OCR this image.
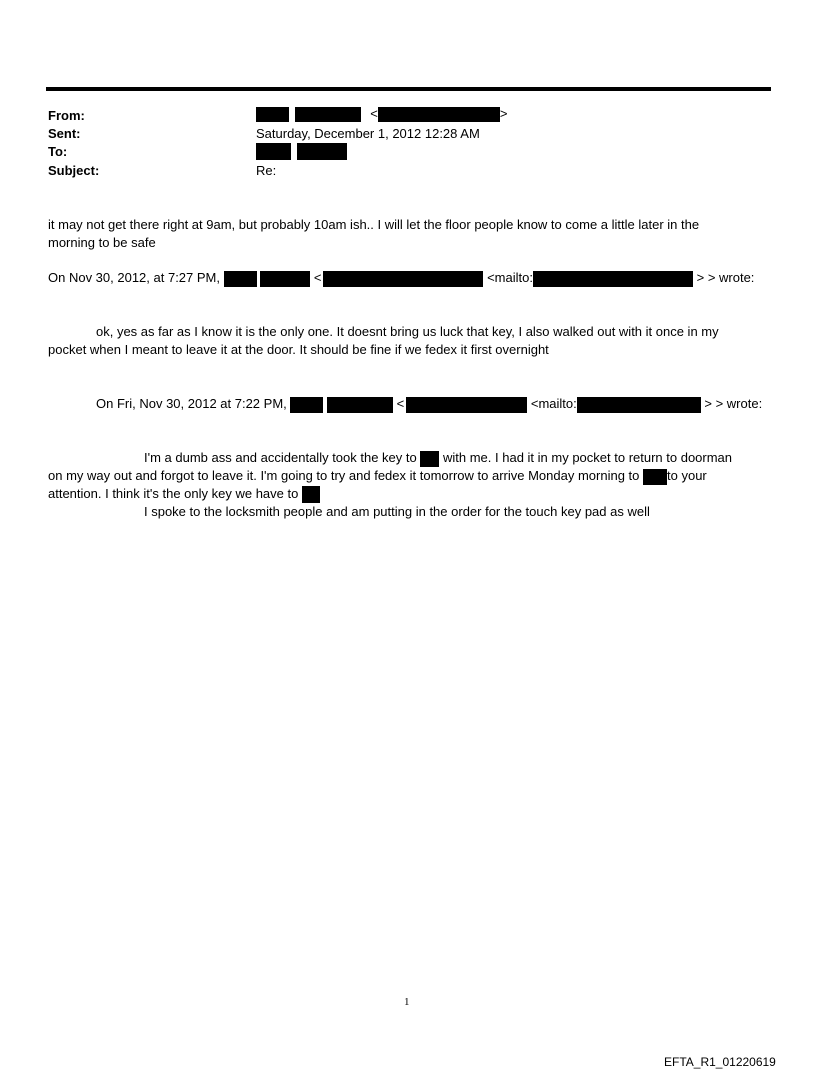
From:	<	>
Sent:	Saturday, December 1, 2012 12:28 AM
To:

Subject:	Re:
it may not get there right at 9am, but probably 10am ish.. I will let the floor people know to come a little later in the
morning to be safe
On Nov 30, 2012, at 7:27 PM,	<	<mailto:	> > wrote:
ok, yes as far as I know it is the only one. It doesnt bring us luck that key, I also walked out with it once in my
pocket when I meant to leave it at the door. It should be fine if we fedex it first overnight
On Fri, Nov 30, 2012 at 7:22 PM,	<	<mailto:	> > wrote:
I'm a dumb ass and accidentally took the key to with me. I had it in my pocket to return to doorman
on my way out and forgot to leave it. I'm going to try and fedex it tomorrow to arrive Monday morning to to your
attention. I think it's the only key we have to
I spoke to the locksmith people and am putting in the order for the touch key pad as well
1
EFTA_R1_01220619
